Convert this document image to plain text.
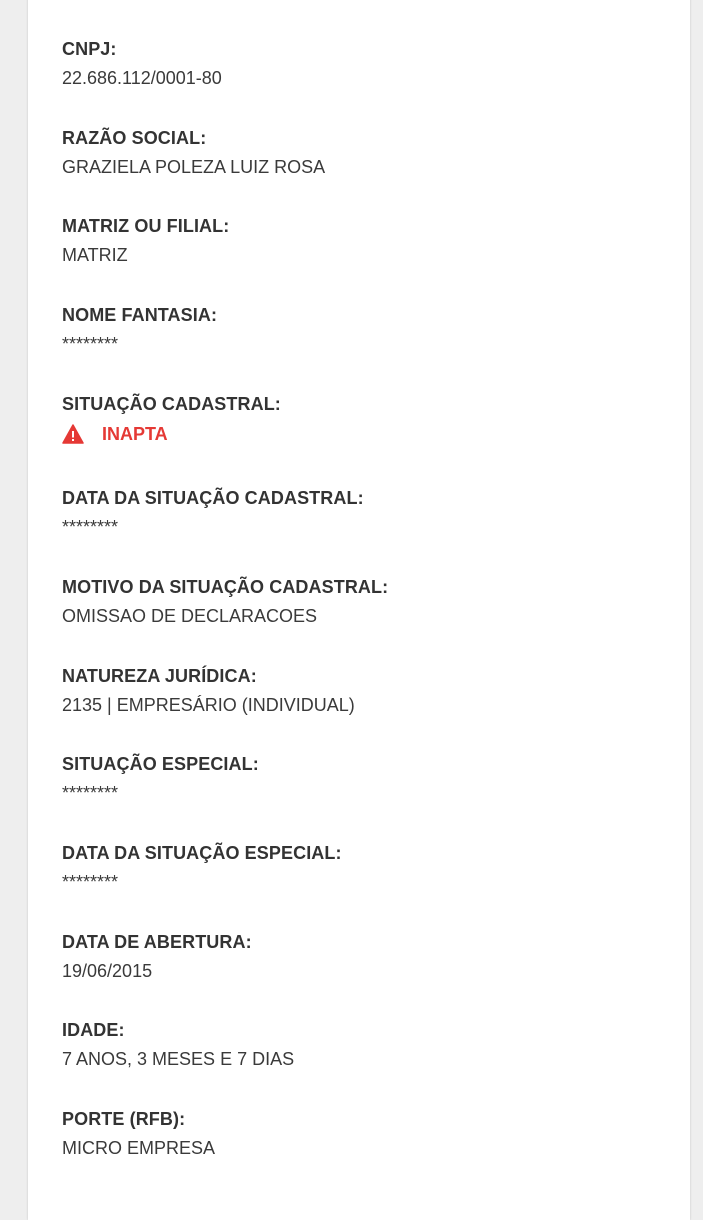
CNPJ:
22.686.112/0001-80
RAZÃO SOCIAL:
GRAZIELA POLEZA LUIZ ROSA
MATRIZ OU FILIAL:
MATRIZ
NOME FANTASIA:
********
SITUAÇÃO CADASTRAL:
INAPTA
DATA DA SITUAÇÃO CADASTRAL:
********
MOTIVO DA SITUAÇÃO CADASTRAL:
OMISSAO DE DECLARACOES
NATUREZA JURÍDICA:
2135 | EMPRESÁRIO (INDIVIDUAL)
SITUAÇÃO ESPECIAL:
********
DATA DA SITUAÇÃO ESPECIAL:
********
DATA DE ABERTURA:
19/06/2015
IDADE:
7 ANOS, 3 MESES E 7 DIAS
PORTE (RFB):
MICRO EMPRESA
